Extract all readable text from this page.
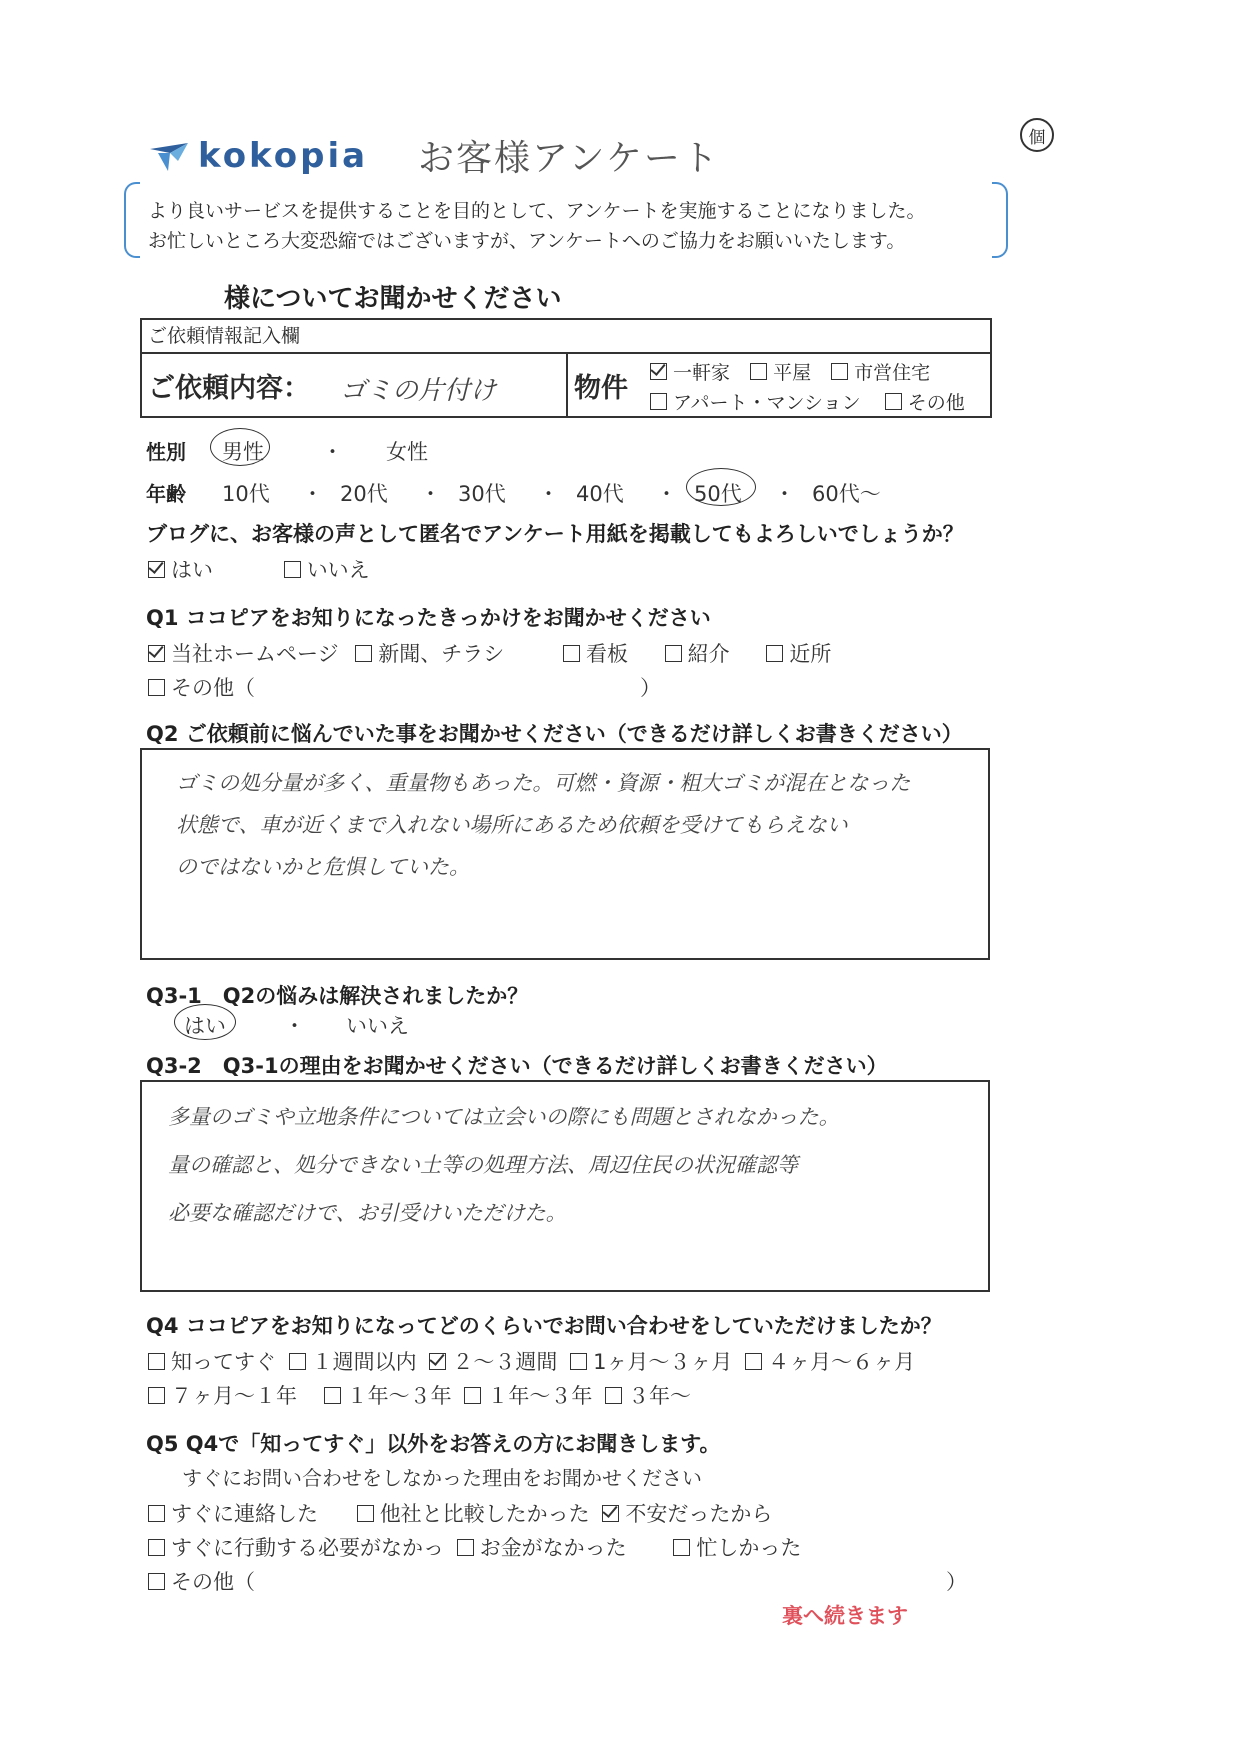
kokopia お客様アンケート
個
より良いサービスを提供することを目的として、アンケートを実施することになりました。
お忙しいところ大変恐縮ではございますが、アンケートへのご協力をお願いいたします。
様についてお聞かせください
ご依頼情報記入欄
ご依頼内容： ゴミの片付け	物件	一軒家 平屋 市営住宅
アパート・マンション その他
性別 男性	・ 女性
年齢 10代 ・ 20代 ・ 30代 ・ 40代 ・ 50代 ・ 60代〜
ブログに、お客様の声として匿名でアンケート用紙を掲載してもよろしいでしょうか？
はい	いいえ
Q1 ココピアをお知りになったきっかけをお聞かせください
当社ホームページ 新聞、チラシ	看板	紹介	近所
その他（	）
Q2 ご依頼前に悩んでいた事をお聞かせください（できるだけ詳しくお書きください）
ゴミの処分量が多く、重量物もあった。可燃・資源・粗大ゴミが混在となった
状態で、車が近くまで入れない場所にあるため依頼を受けてもらえない
のではないかと危惧していた。
Q3-1　Q2の悩みは解決されましたか？
はい	・ いいえ
Q3-2　Q3-1の理由をお聞かせください（できるだけ詳しくお書きください）
多量のゴミや立地条件については立会いの際にも問題とされなかった。
量の確認と、処分できない土等の処理方法、周辺住民の状況確認等
必要な確認だけで、お引受けいただけた。
Q4 ココピアをお知りになってどのくらいでお問い合わせをしていただけましたか？
知ってすぐ １週間以内 ２〜３週間 1ヶ月〜３ヶ月 ４ヶ月〜６ヶ月
７ヶ月〜１年 １年〜３年 １年〜３年 ３年〜
Q5 Q4で「知ってすぐ」以外をお答えの方にお聞きします。
すぐにお問い合わせをしなかった理由をお聞かせください
すぐに連絡した	他社と比較したかった 不安だったから
すぐに行動する必要がなかっ お金がなかった	忙しかった
その他（	）
裏へ続きます
